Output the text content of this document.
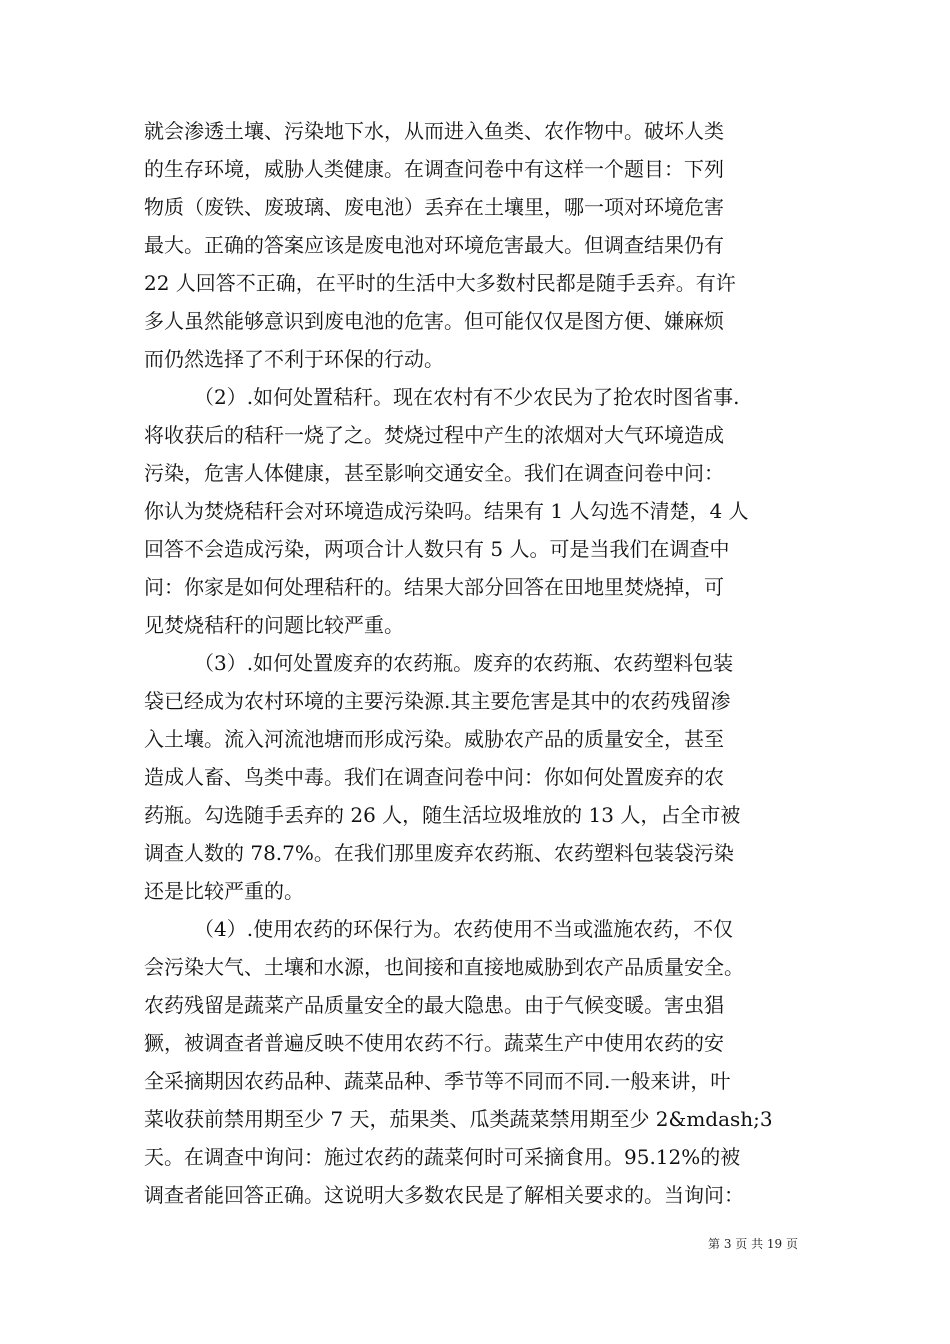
就会渗透土壤、污染地下水，从而进入鱼类、农作物中。破坏人类
的生存环境，威胁人类健康。在调查问卷中有这样一个题目：下列
物质（废铁、废玻璃、废电池）丢弃在土壤里，哪一项对环境危害
最大。正确的答案应该是废电池对环境危害最大。但调查结果仍有
22 人回答不正确，在平时的生活中大多数村民都是随手丢弃。有许
多人虽然能够意识到废电池的危害。但可能仅仅是图方便、嫌麻烦
而仍然选择了不利于环保的行动。
　　　（2）.如何处置秸秆。现在农村有不少农民为了抢农时图省事.
将收获后的秸秆一烧了之。焚烧过程中产生的浓烟对大气环境造成
污染，危害人体健康，甚至影响交通安全。我们在调查问卷中问：
你认为焚烧秸秆会对环境造成污染吗。结果有 1 人勾选不清楚，4 人
回答不会造成污染，两项合计人数只有 5 人。可是当我们在调查中
问：你家是如何处理秸秆的。结果大部分回答在田地里焚烧掉，可
见焚烧秸秆的问题比较严重。
　　　（3）.如何处置废弃的农药瓶。废弃的农药瓶、农药塑料包装
袋已经成为农村环境的主要污染源.其主要危害是其中的农药残留渗
入土壤。流入河流池塘而形成污染。威胁农产品的质量安全，甚至
造成人畜、鸟类中毒。我们在调查问卷中问：你如何处置废弃的农
药瓶。勾选随手丢弃的 26 人，随生活垃圾堆放的 13 人，占全市被
调查人数的 78.7%。在我们那里废弃农药瓶、农药塑料包装袋污染
还是比较严重的。
　　　（4）.使用农药的环保行为。农药使用不当或滥施农药，不仅
会污染大气、土壤和水源，也间接和直接地威胁到农产品质量安全。
农药残留是蔬菜产品质量安全的最大隐患。由于气候变暖。害虫猖
獗，被调查者普遍反映不使用农药不行。蔬菜生产中使用农药的安
全采摘期因农药品种、蔬菜品种、季节等不同而不同.一般来讲，叶
菜收获前禁用期至少 7 天，茄果类、瓜类蔬菜禁用期至少 2&mdash;3
天。在调查中询问：施过农药的蔬菜何时可采摘食用。95.12%的被
调查者能回答正确。这说明大多数农民是了解相关要求的。当询问：
第 3 页 共 19 页
